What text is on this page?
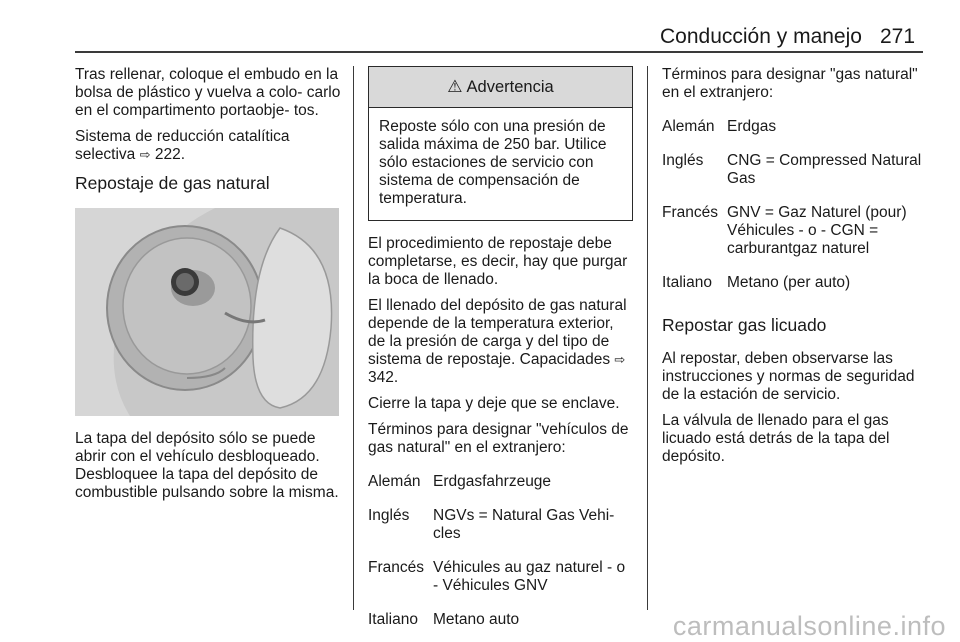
Conducción y manejo 271

Tras rellenar, coloque el embudo en la bolsa de plástico y vuelva a colo- carlo en el compartimento portaobje- tos.

Sistema de reducción catalítica selectiva ⇨ 222.

Repostaje de gas natural

La tapa del depósito sólo se puede abrir con el vehículo desbloqueado. Desbloquee la tapa del depósito de combustible pulsando sobre la misma.

⚠ Advertencia
Reposte sólo con una presión de salida máxima de 250 bar. Utilice sólo estaciones de servicio con sistema de compensación de temperatura.

El procedimiento de repostaje debe completarse, es decir, hay que purgar la boca de llenado.

El llenado del depósito de gas natural depende de la temperatura exterior, de la presión de carga y del tipo de sistema de repostaje. Capacidades ⇨ 342.

Cierre la tapa y deje que se enclave.

Términos para designar "vehículos de gas natural" en el extranjero:

Alemán Erdgasfahrzeuge
Inglés	NGVs = Natural Gas Vehi- cles
Francés Véhicules au gaz naturel - o - Véhicules GNV
Italiano Metano auto

Términos para designar "gas natural" en el extranjero:

Alemán Erdgas
Inglés	CNG = Compressed Natural Gas
Francés GNV = Gaz Naturel (pour) Véhicules - o - CGN = carburantgaz naturel
Italiano Metano (per auto)
Repostar gas licuado

Al repostar, deben observarse las instrucciones y normas de seguridad de la estación de servicio.

La válvula de llenado para el gas licuado está detrás de la tapa del depósito.

carmanualsonline.info
